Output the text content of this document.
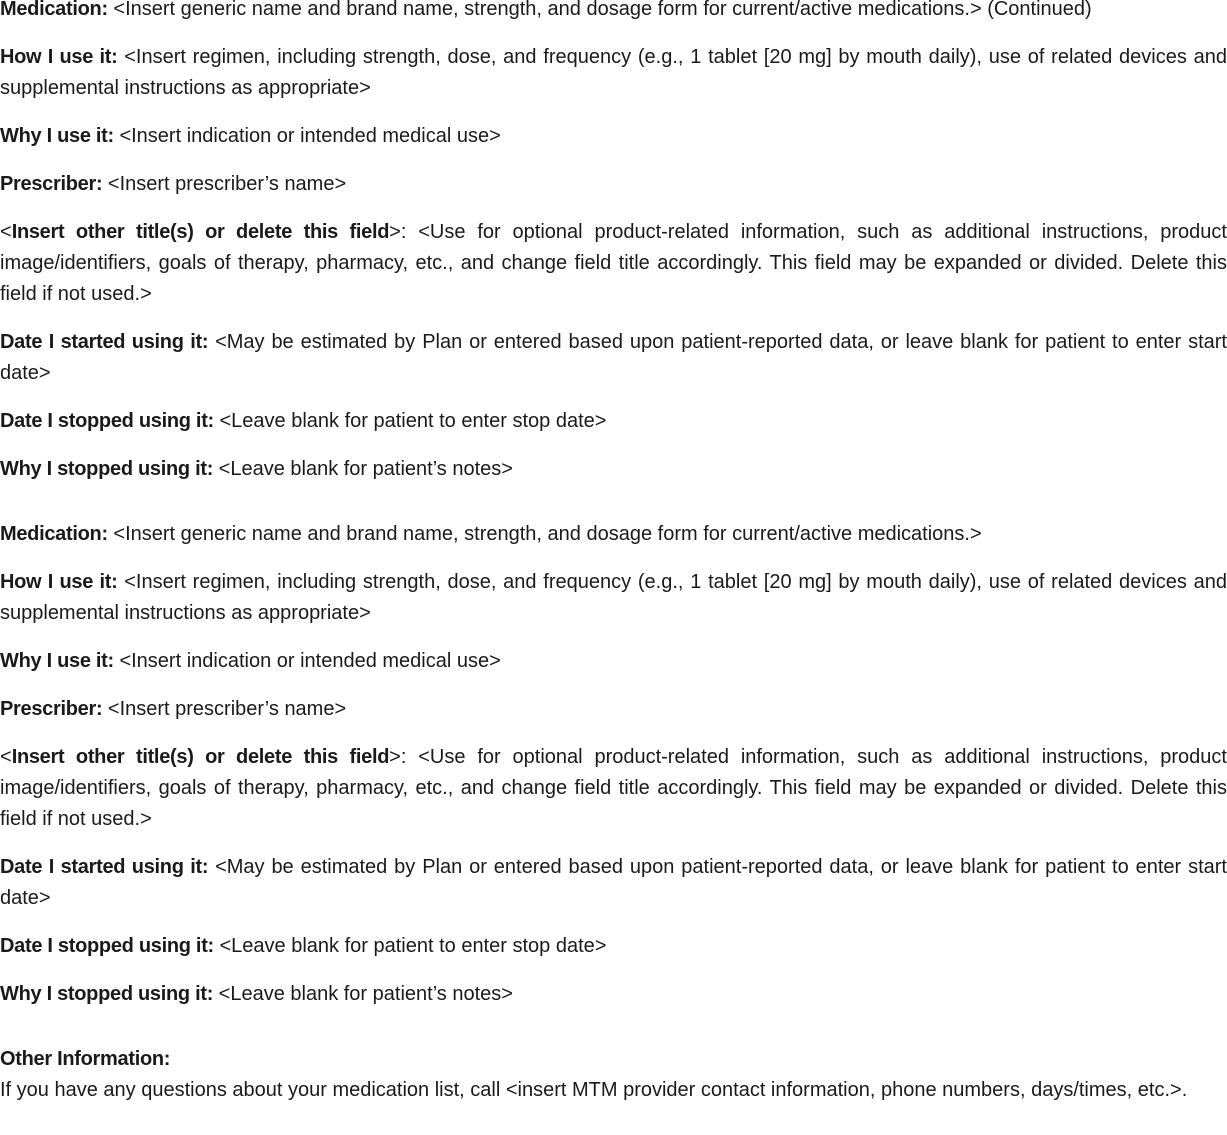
Medication: <Insert generic name and brand name, strength, and dosage form for current/active medications.> (Continued)

How I use it: <Insert regimen, including strength, dose, and frequency (e.g., 1 tablet [20 mg] by mouth daily), use of related devices and supplemental instructions as appropriate>

Why I use it: <Insert indication or intended medical use>

Prescriber: <Insert prescriber’s name>

<Insert other title(s) or delete this field>: <Use for optional product-related information, such as additional instructions, product image/identifiers, goals of therapy, pharmacy, etc., and change field title accordingly. This field may be expanded or divided. Delete this field if not used.>

Date I started using it: <May be estimated by Plan or entered based upon patient-reported data, or leave blank for patient to enter start date>

Date I stopped using it: <Leave blank for patient to enter stop date>

Why I stopped using it: <Leave blank for patient’s notes>

Medication: <Insert generic name and brand name, strength, and dosage form for current/active medications.>

How I use it: <Insert regimen, including strength, dose, and frequency (e.g., 1 tablet [20 mg] by mouth daily), use of related devices and supplemental instructions as appropriate>

Why I use it: <Insert indication or intended medical use>

Prescriber: <Insert prescriber’s name>

<Insert other title(s) or delete this field>: <Use for optional product-related information, such as additional instructions, product image/identifiers, goals of therapy, pharmacy, etc., and change field title accordingly. This field may be expanded or divided. Delete this field if not used.>

Date I started using it: <May be estimated by Plan or entered based upon patient-reported data, or leave blank for patient to enter start date>

Date I stopped using it: <Leave blank for patient to enter stop date>

Why I stopped using it: <Leave blank for patient’s notes>

Other Information:

If you have any questions about your medication list, call <insert MTM provider contact information, phone numbers, days/times, etc.>.
